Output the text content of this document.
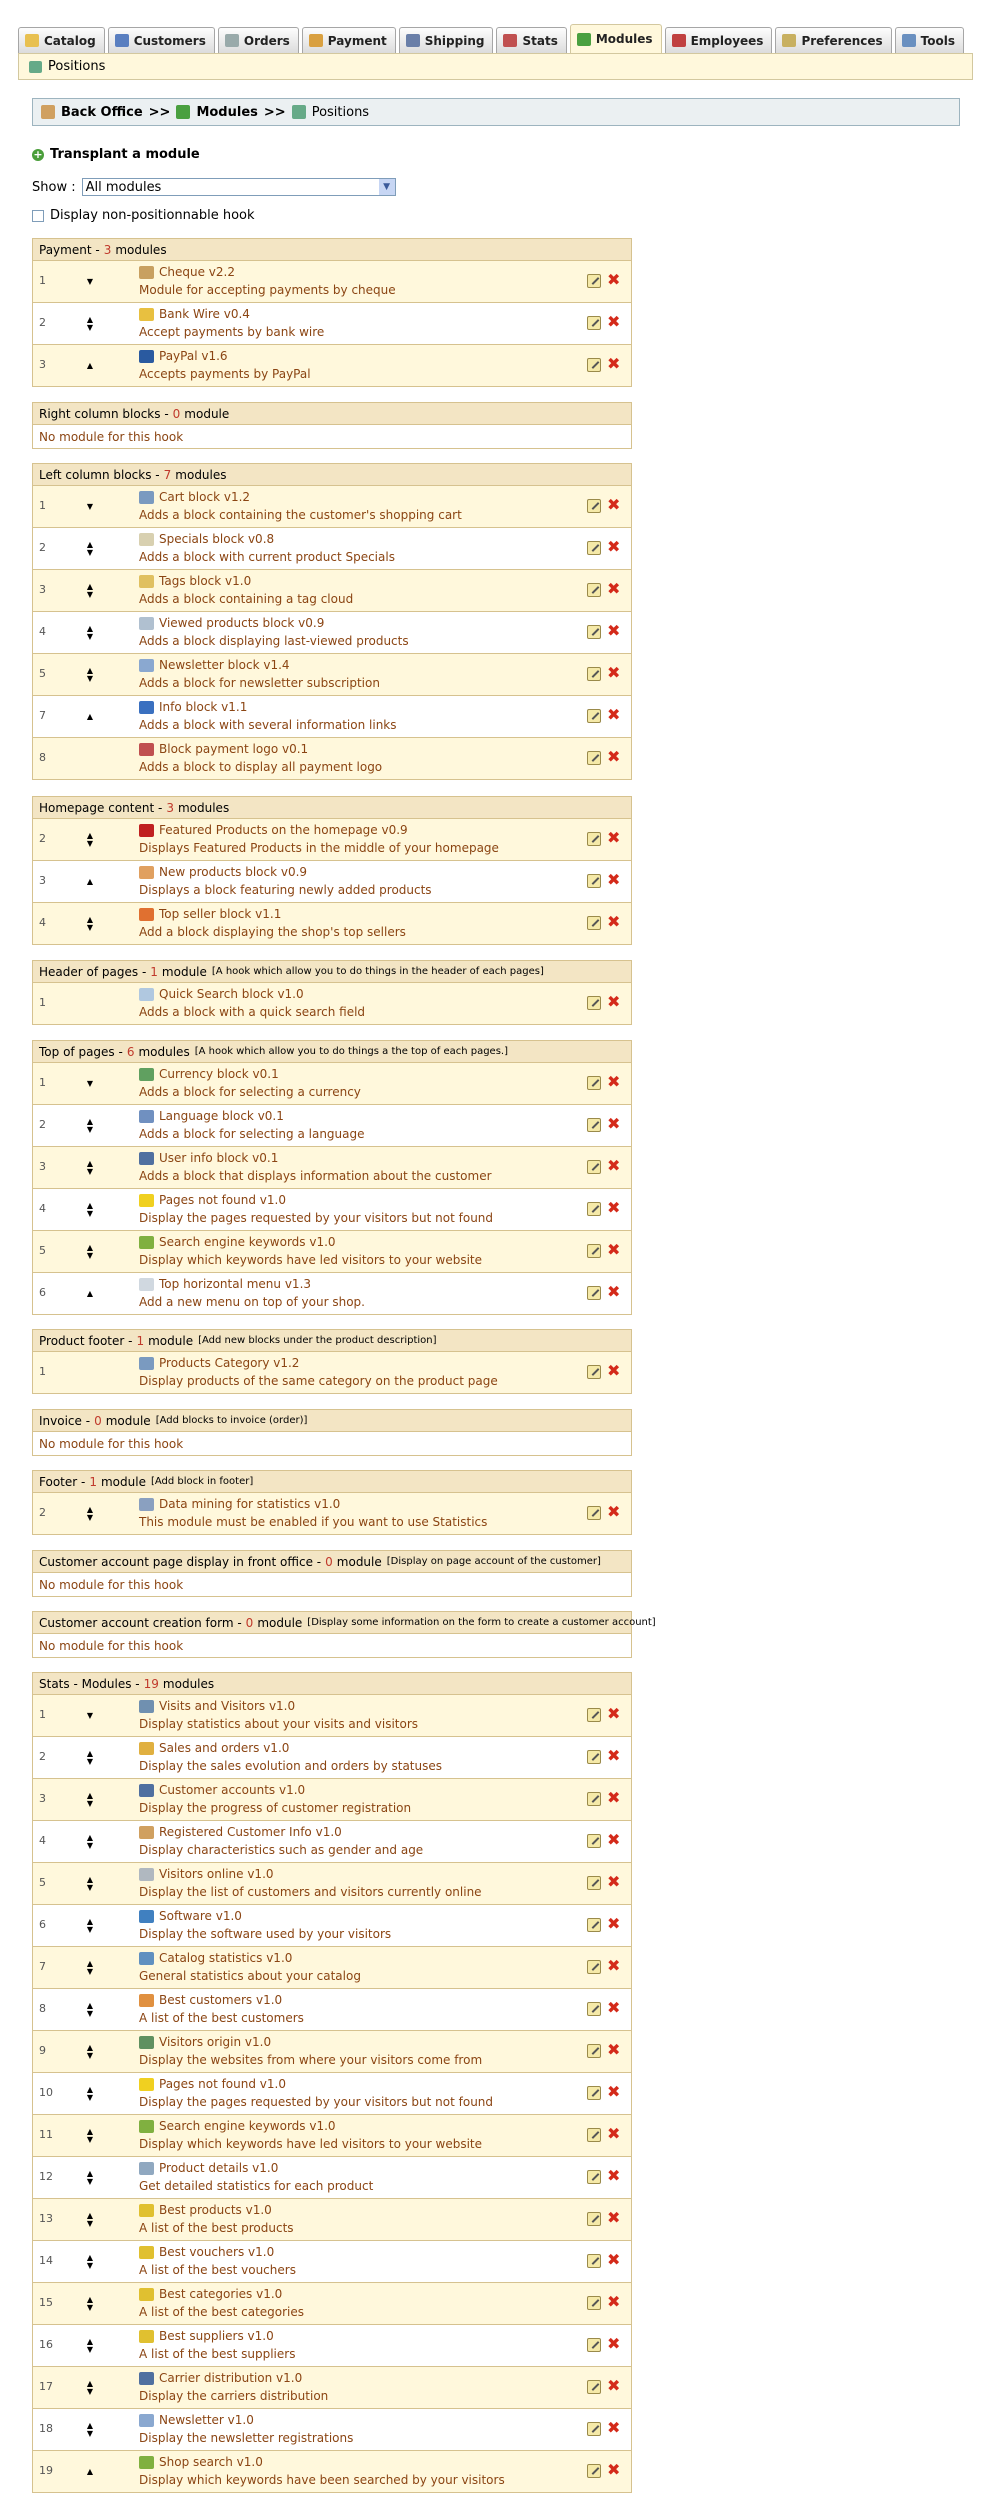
Catalog	Customers	Orders	Payment	Shipping	Stats	Modules	Employees	Preferences	Tools
Positions
Back Office >> Modules >> Positions
+ Transplant a module
Show : All modules	▼
Display non-positionnable hook
Payment - 3 modules
1	▼
Cheque v2.2
Module for accepting payments by cheque
✖
2	▲
▼
Bank Wire v0.4
Accept payments by bank wire
✖
3	▲
PayPal v1.6
Accepts payments by PayPal
✖
Right column blocks - 0 module
No module for this hook
Left column blocks - 7 modules
1	▼
Cart block v1.2
Adds a block containing the customer's shopping cart
✖
2	▲
▼
Specials block v0.8
Adds a block with current product Specials
✖
3	▲
▼
Tags block v1.0
Adds a block containing a tag cloud
✖
4	▲
▼
Viewed products block v0.9
Adds a block displaying last-viewed products
✖
5	▲
▼
Newsletter block v1.4
Adds a block for newsletter subscription
✖
7	▲
Info block v1.1
Adds a block with several information links
✖
8
Block payment logo v0.1
Adds a block to display all payment logo
✖
Homepage content - 3 modules
2	▲
▼
Featured Products on the homepage v0.9
Displays Featured Products in the middle of your homepage
✖
3	▲
New products block v0.9
Displays a block featuring newly added products
✖
4	▲
▼
Top seller block v1.1
Add a block displaying the shop's top sellers
✖
Header of pages - 1 module [A hook which allow you to do things in the header of each pages]
1
Quick Search block v1.0
Adds a block with a quick search field
✖
Top of pages - 6 modules [A hook which allow you to do things a the top of each pages.]
1	▼
Currency block v0.1
Adds a block for selecting a currency
✖
2	▲
▼
Language block v0.1
Adds a block for selecting a language
✖
3	▲
▼
User info block v0.1
Adds a block that displays information about the customer
✖
4	▲
▼
Pages not found v1.0
Display the pages requested by your visitors but not found
✖
5	▲
▼
Search engine keywords v1.0
Display which keywords have led visitors to your website
✖
6	▲
Top horizontal menu v1.3
Add a new menu on top of your shop.
✖
Product footer - 1 module [Add new blocks under the product description]
1
Products Category v1.2
Display products of the same category on the product page
✖
Invoice - 0 module [Add blocks to invoice (order)]
No module for this hook
Footer - 1 module [Add block in footer]
2	▲
▼
Data mining for statistics v1.0
This module must be enabled if you want to use Statistics
✖
Customer account page display in front office - 0 module [Display on page account of the customer]
No module for this hook
Customer account creation form - 0 module [Display some information on the form to create a customer account]
No module for this hook
Stats - Modules - 19 modules
1	▼
Visits and Visitors v1.0
Display statistics about your visits and visitors
✖
2	▲
▼
Sales and orders v1.0
Display the sales evolution and orders by statuses
✖
3	▲
▼
Customer accounts v1.0
Display the progress of customer registration
✖
4	▲
▼
Registered Customer Info v1.0
Display characteristics such as gender and age
✖
5	▲
▼
Visitors online v1.0
Display the list of customers and visitors currently online
✖
6	▲
▼
Software v1.0
Display the software used by your visitors
✖
7	▲
▼
Catalog statistics v1.0
General statistics about your catalog
✖
8	▲
▼
Best customers v1.0
A list of the best customers
✖
9	▲
▼
Visitors origin v1.0
Display the websites from where your visitors come from
✖
10	▲
▼
Pages not found v1.0
Display the pages requested by your visitors but not found
✖
11	▲
▼
Search engine keywords v1.0
Display which keywords have led visitors to your website
✖
12	▲
▼
Product details v1.0
Get detailed statistics for each product
✖
13	▲
▼
Best products v1.0
A list of the best products
✖
14	▲
▼
Best vouchers v1.0
A list of the best vouchers
✖
15	▲
▼
Best categories v1.0
A list of the best categories
✖
16	▲
▼
Best suppliers v1.0
A list of the best suppliers
✖
17	▲
▼
Carrier distribution v1.0
Display the carriers distribution
✖
18	▲
▼
Newsletter v1.0
Display the newsletter registrations
✖
19	▲
Shop search v1.0
Display which keywords have been searched by your visitors
✖
